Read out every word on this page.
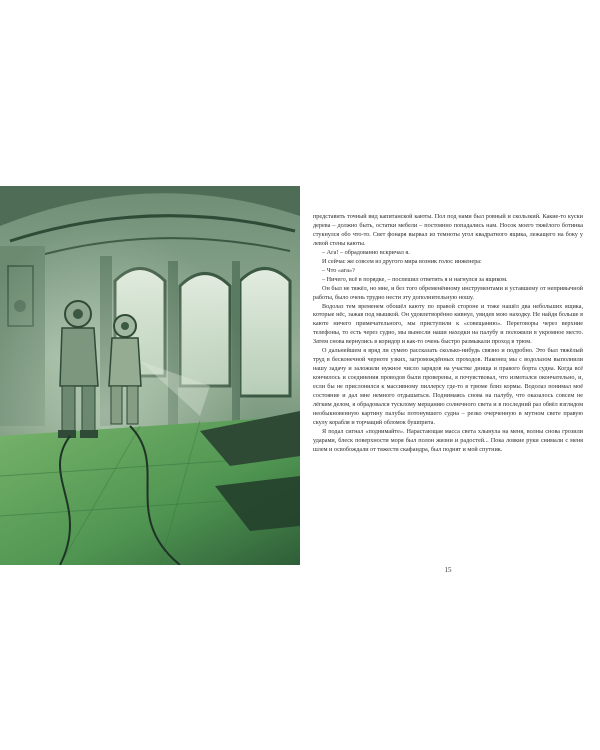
представить точный вид капитанской каюты. Пол под нами был ровный и скользкий. Какие-то куски дерева – должно быть, остатки мебели – постоянно попадались нам. Носок моего тяжёлого ботинка стукнулся обо что-то. Свет фонаря вырвал из темноты угол квадратного ящика, лежащего на боку у левой стены каюты.

– Ага! – обрадованно вскричал я.

И сейчас же совсем из другого мира возник голос инженера:

– Что «ага»?

– Ничего, всё в порядке, – поспешил ответить я и нагнулся за ящиком.

Он был не тяжёл, но мне, и без того обременённому инструментами и уставшему от непривычной работы, было очень трудно нести эту дополнительную ношу.

Водолаз тем временем обошёл каюту по правой стороне и тоже нашёл два небольших ящика, которые нёс, зажав под мышкой. Он удовлетворённо кивнул, увидев мою находку. Не найдя больше в каюте ничего примечательного, мы приступили к «совещанию». Переговоры через верхние телефоны, то есть через судно, мы вынесли наши находки на палубу и положили в укромное место. Затем снова вернулись в коридор и как-то очень быстро размыкали проход в трюм.

О дальнейшем я вряд ли сумею рассказать сколько-нибудь связно и подробно. Это был тяжёлый труд в бесконечной черноте узких, загромождённых проходов. Наконец мы с водолазом выполнили нашу задачу и заложили нужное число зарядов на участке днища и правого борта судна. Когда всё кончилось и соединения проводов были проверены, я почувствовал, что измотался окончательно, и, если бы не прислонился к массивному пиллерсу где-то в трюме близ кормы. Водолаз понимал моё состояние и дал мне немного отдышаться. Поднимаясь снова на палубу, что оказалось совсем не лёгким делом, я обрадовался тусклому мерцанию солнечного света и в последний раз обвёл взглядом необыкновенную картину палубы потонувшего судна – резко очерченную в мутном свете правую скулу корабля и торчащий обломок бушприта.

Я подал сигнал «поднимайте». Нарастающая масса света хлынула на меня, волны снова грозили ударами, блеск поверхности моря был полон жизни и радостей... Пока ловкие руки снимали с меня шлем и освобождали от тяжести скафандра, был поднят и мой спутник.

15
